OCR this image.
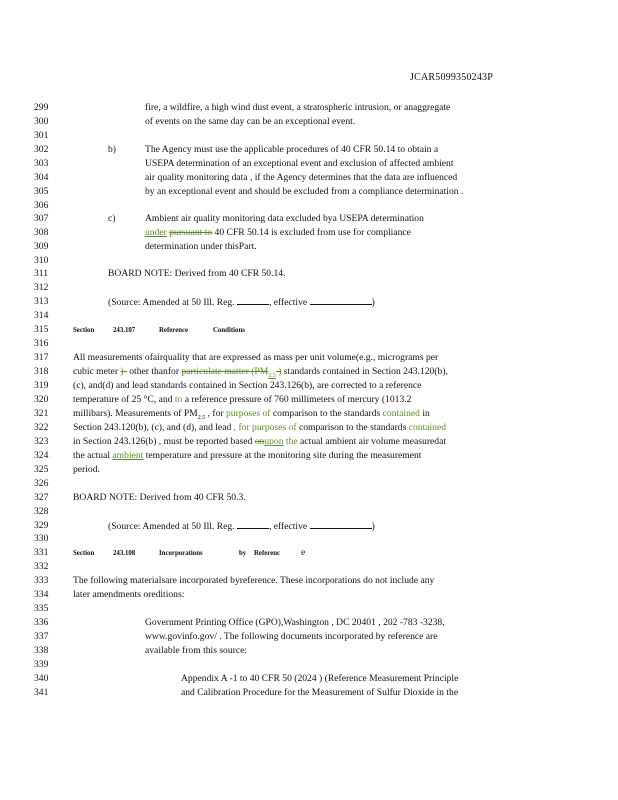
JCAR5099350243P
299	fire, a wildfire, a high wind dust event, a stratospheric intrusion, or anaggregate
300	of events on the same day can be an exceptional event.
301
302	b)	The Agency must use the applicable procedures of 40 CFR 50.14 to obtain a
303	USEPA determination of an exceptional event and exclusion of affected ambient
304	air quality monitoring data , if the Agency determines that the data are influenced
305	by an exceptional event and should be excluded from a compliance determination .
306
307	c)	Ambient air quality monitoring data excluded bya USEPA determination
308	under pursuant to 40 CFR 50.14 is excluded from use for compliance
309	determination under thisPart.
310
311	BOARD NOTE: Derived from 40 CFR 50.14.
312
313	(Source: Amended at 50 Ill. Reg.	, effective	)
314
315	Section 243.107	Reference	Conditions
316
317	All measurements ofairquality that are expressed as mass per unit volume(e.g., micrograms per
318	cubic meter )- other thanfor particulate matter ($PM_{2.5}$ ) standards contained in Section 243.120(b),
319	(c), and(d) and lead standards contained in Section 243.126(b), are corrected to a reference
320	temperature of 25 °C, and to a reference pressure of 760 millimeters of mercury (1013.2
321	millibars). Measurements of $PM_{2.5}$ , for purposes of comparison to the standards contained in
322	Section 243.120(b), (c), and (d), and lead , for purposes of comparison to the standards contained
323	in Section 243.126(b) , must be reported based onupon the actual ambient air volume measuredat
324	the actual ambient temperature and pressure at the monitoring site during the measurement
325	period.
326
327	BOARD NOTE: Derived from 40 CFR 50.3.
328
329	(Source: Amended at 50 Ill. Reg.	, effective	)
330
331	Section 243.108	Incorporations	by Referenc e
332
333	The following materialsare incorporated byreference. These incorporations do not include any
334	later amendments oreditions:
335
336	Government Printing Office (GPO),Washington , DC 20401 , 202 -783 -3238,
337	www.govinfo.gov/ . The following documents incorporated by reference are
338	available from this source:
339
340	Appendix A -1 to 40 CFR 50 (2024 ) (Reference Measurement Principle
341	and Calibration Procedure for the Measurement of Sulfur Dioxide in the
